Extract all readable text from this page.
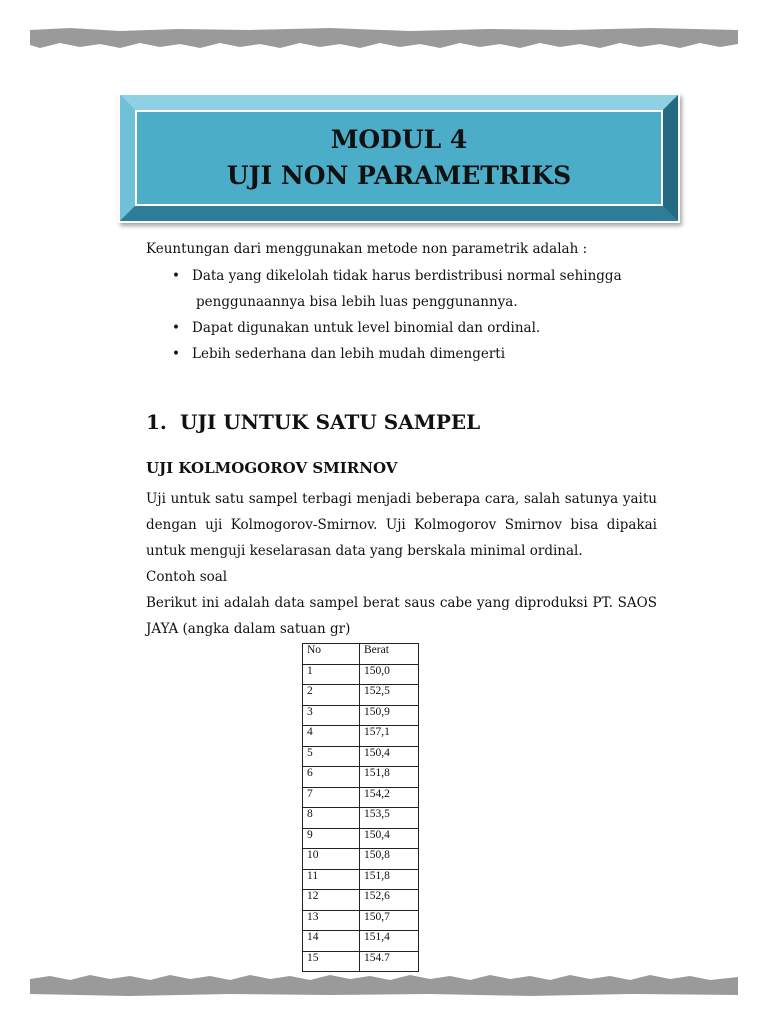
MODUL 4
UJI NON PARAMETRIKS
Keuntungan dari menggunakan metode non parametrik adalah :
• Data yang dikelolah tidak harus berdistribusi normal sehingga
penggunaannya bisa lebih luas penggunannya.
• Dapat digunakan untuk level binomial dan ordinal.
• Lebih sederhana dan lebih mudah dimengerti
1. UJI UNTUK SATU SAMPEL
UJI KOLMOGOROV SMIRNOV
Uji untuk satu sampel terbagi menjadi beberapa cara, salah satunya yaitu dengan uji Kolmogorov-Smirnov. Uji Kolmogorov Smirnov bisa dipakai untuk menguji keselarasan data yang berskala minimal ordinal.
Contoh soal
Berikut ini adalah data sampel berat saus cabe yang diproduksi PT. SAOS JAYA (angka dalam satuan gr)
No	Berat
1	150,0
2	152,5
3	150,9
4	157,1
5	150,4
6	151,8
7	154,2
8	153,5
9	150,4
10	150,8
11	151,8
12	152,6
13	150,7
14	151,4
15	154.7
